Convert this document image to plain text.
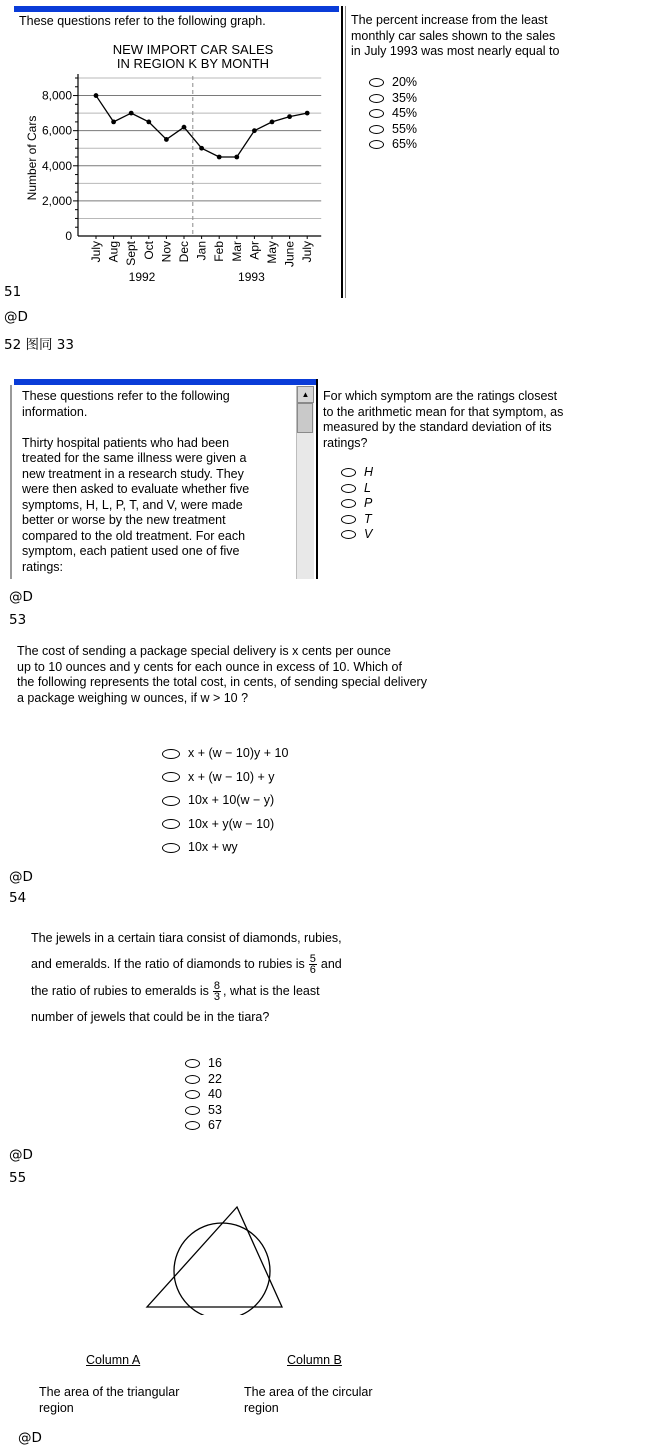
These questions refer to the following graph.
NEW IMPORT CAR SALES
IN REGION K BY MONTH
Number of Cars
0
2,000
4,000
6,000
8,000
July Aug Sept Oct Nov Dec Jan Feb Mar Apr May June July
1992	1993
The percent increase from the least
monthly car sales shown to the sales
in July 1993 was most nearly equal to
20%
35%
45%
55%
65%
51
@D
52 图同 33
These questions refer to the following
information.
Thirty hospital patients who had been
treated for the same illness were given a
new treatment in a research study. They
were then asked to evaluate whether five
symptoms, H, L, P, T, and V, were made
better or worse by the new treatment
compared to the old treatment. For each
symptom, each patient used one of five
ratings:
▲	For which symptom are the ratings closest
to the arithmetic mean for that symptom, as
measured by the standard deviation of its
ratings?
H
L
P
T
V
@D
53
The cost of sending a package special delivery is x cents per ounce
up to 10 ounces and y cents for each ounce in excess of 10. Which of
the following represents the total cost, in cents, of sending special delivery
a package weighing w ounces, if w > 10 ?
x + (w − 10)y + 10
x + (w − 10) + y
10x + 10(w − y)
10x + y(w − 10)
10x + wy
@D
54
The jewels in a certain tiara consist of diamonds, rubies,
and emeralds. If the ratio of diamonds to rubies is 5
6 and
the ratio of rubies to emeralds is 8
3 , what is the least
number of jewels that could be in the tiara?
16
22
40
53
67
@D
55
Column A	Column B
The area of the triangular
region
The area of the circular
region
@D
